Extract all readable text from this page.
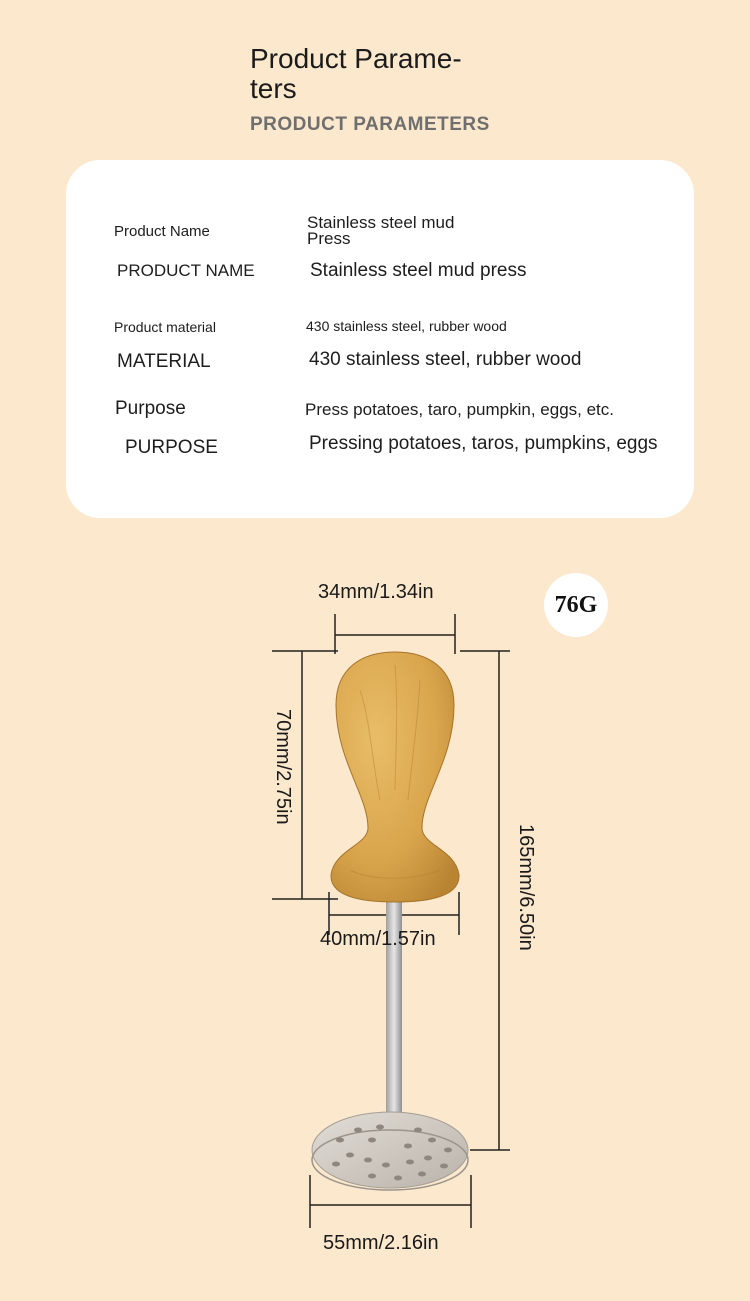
Product Parame- ters
PRODUCT PARAMETERS
Product Name	Stainless steel mud Press
PRODUCT NAME	Stainless steel mud press
Product material	430 stainless steel, rubber wood
MATERIAL	430 stainless steel, rubber wood
Purpose	Press potatoes, taro, pumpkin, eggs, etc.
PURPOSE	Pressing potatoes, taros, pumpkins, eggs
34mm/1.34in
70mm/2.75in
40mm/1.57in	165mm/6.50in
55mm/2.16in
76G
